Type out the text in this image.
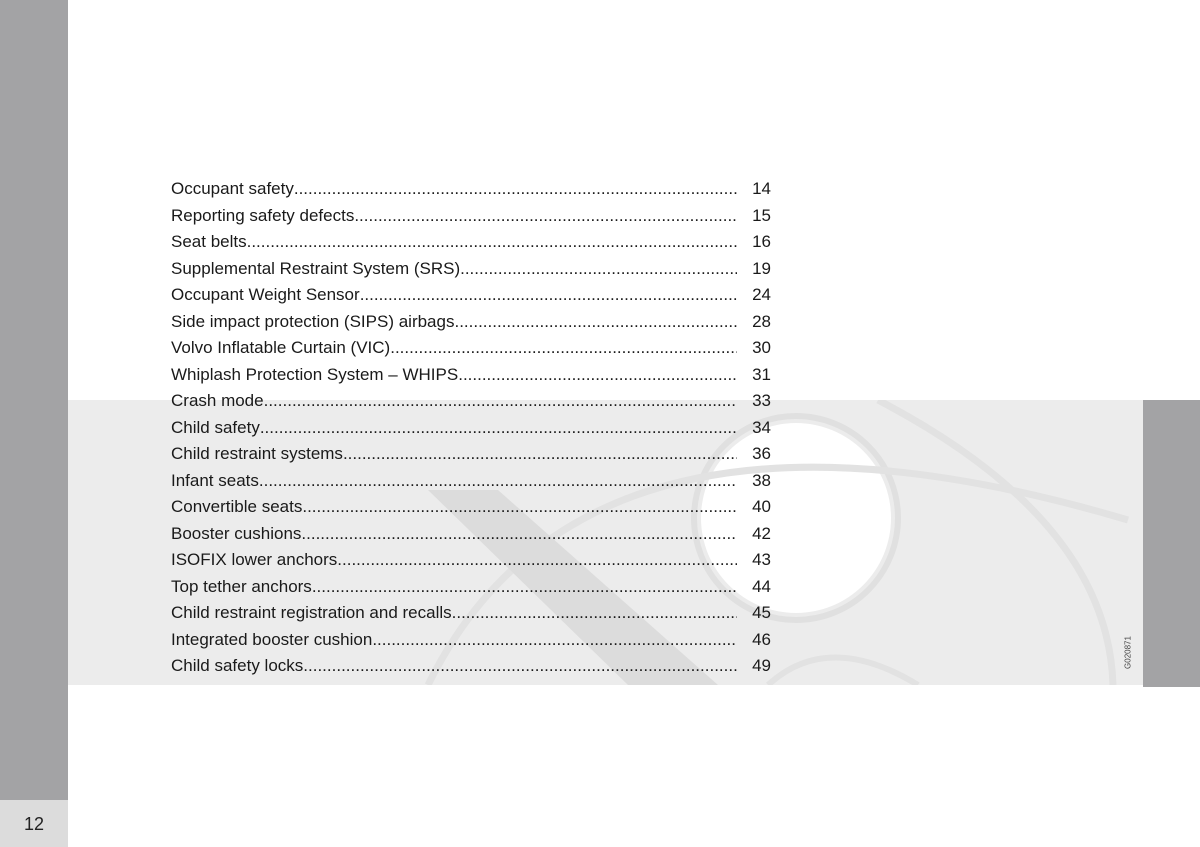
12
G020871
Occupant safety .....	14
Reporting safety defects .....	15
Seat belts .....	16
Supplemental Restraint System (SRS) .....	19
Occupant Weight Sensor .....	24
Side impact protection (SIPS) airbags .....	28
Volvo Inflatable Curtain (VIC) .....	30
Whiplash Protection System – WHIPS .....	31
Crash mode .....	33
Child safety .....	34
Child restraint systems .....	36
Infant seats .....	38
Convertible seats .....	40
Booster cushions .....	42
ISOFIX lower anchors .....	43
Top tether anchors .....	44
Child restraint registration and recalls .....	45
Integrated booster cushion .....	46
Child safety locks .....	49
